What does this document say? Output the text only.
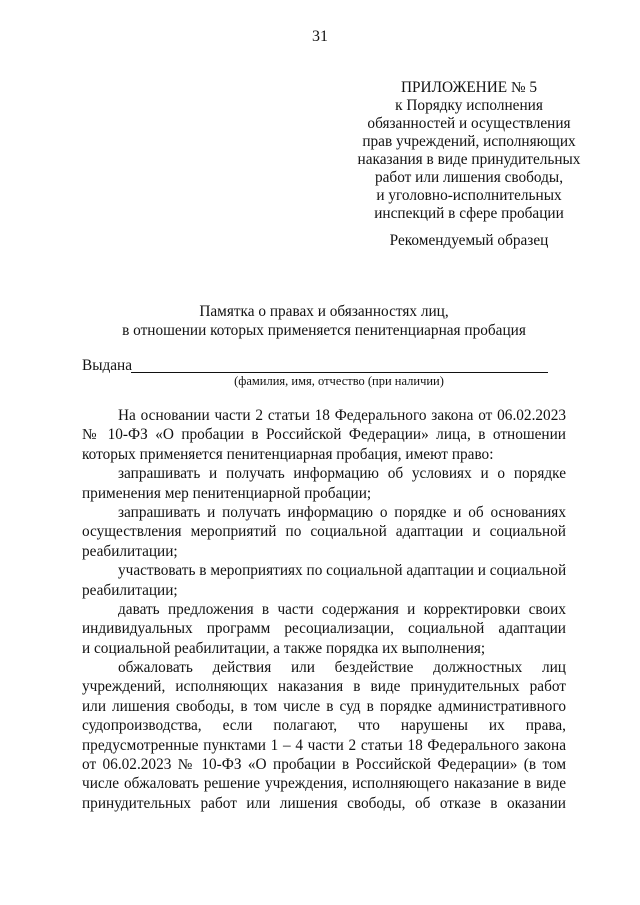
31
ПРИЛОЖЕНИЕ № 5
к Порядку исполнения
обязанностей и осуществления
прав учреждений, исполняющих
наказания в виде принудительных
работ или лишения свободы,
и уголовно-исполнительных
инспекций в сфере пробации
Рекомендуемый образец
Памятка о правах и обязанностях лиц,
в отношении которых применяется пенитенциарная пробация
Выдана
(фамилия, имя, отчество (при наличии)
На основании части 2 статьи 18 Федерального закона от 06.02.2023
№ 10-ФЗ «О пробации в Российской Федерации» лица, в отношении
которых применяется пенитенциарная пробация, имеют право:
запрашивать и получать информацию об условиях и о порядке
применения мер пенитенциарной пробации;
запрашивать и получать информацию о порядке и об основаниях
осуществления мероприятий по социальной адаптации и социальной
реабилитации;
участвовать в мероприятиях по социальной адаптации и социальной
реабилитации;
давать предложения в части содержания и корректировки своих
индивидуальных программ ресоциализации, социальной адаптации
и социальной реабилитации, а также порядка их выполнения;
обжаловать действия или бездействие должностных лиц
учреждений, исполняющих наказания в виде принудительных работ
или лишения свободы, в том числе в суд в порядке административного
судопроизводства, если полагают, что нарушены их права,
предусмотренные пунктами 1 – 4 части 2 статьи 18 Федерального закона
от 06.02.2023 № 10-ФЗ «О пробации в Российской Федерации» (в том
числе обжаловать решение учреждения, исполняющего наказание в виде
принудительных работ или лишения свободы, об отказе в оказании
